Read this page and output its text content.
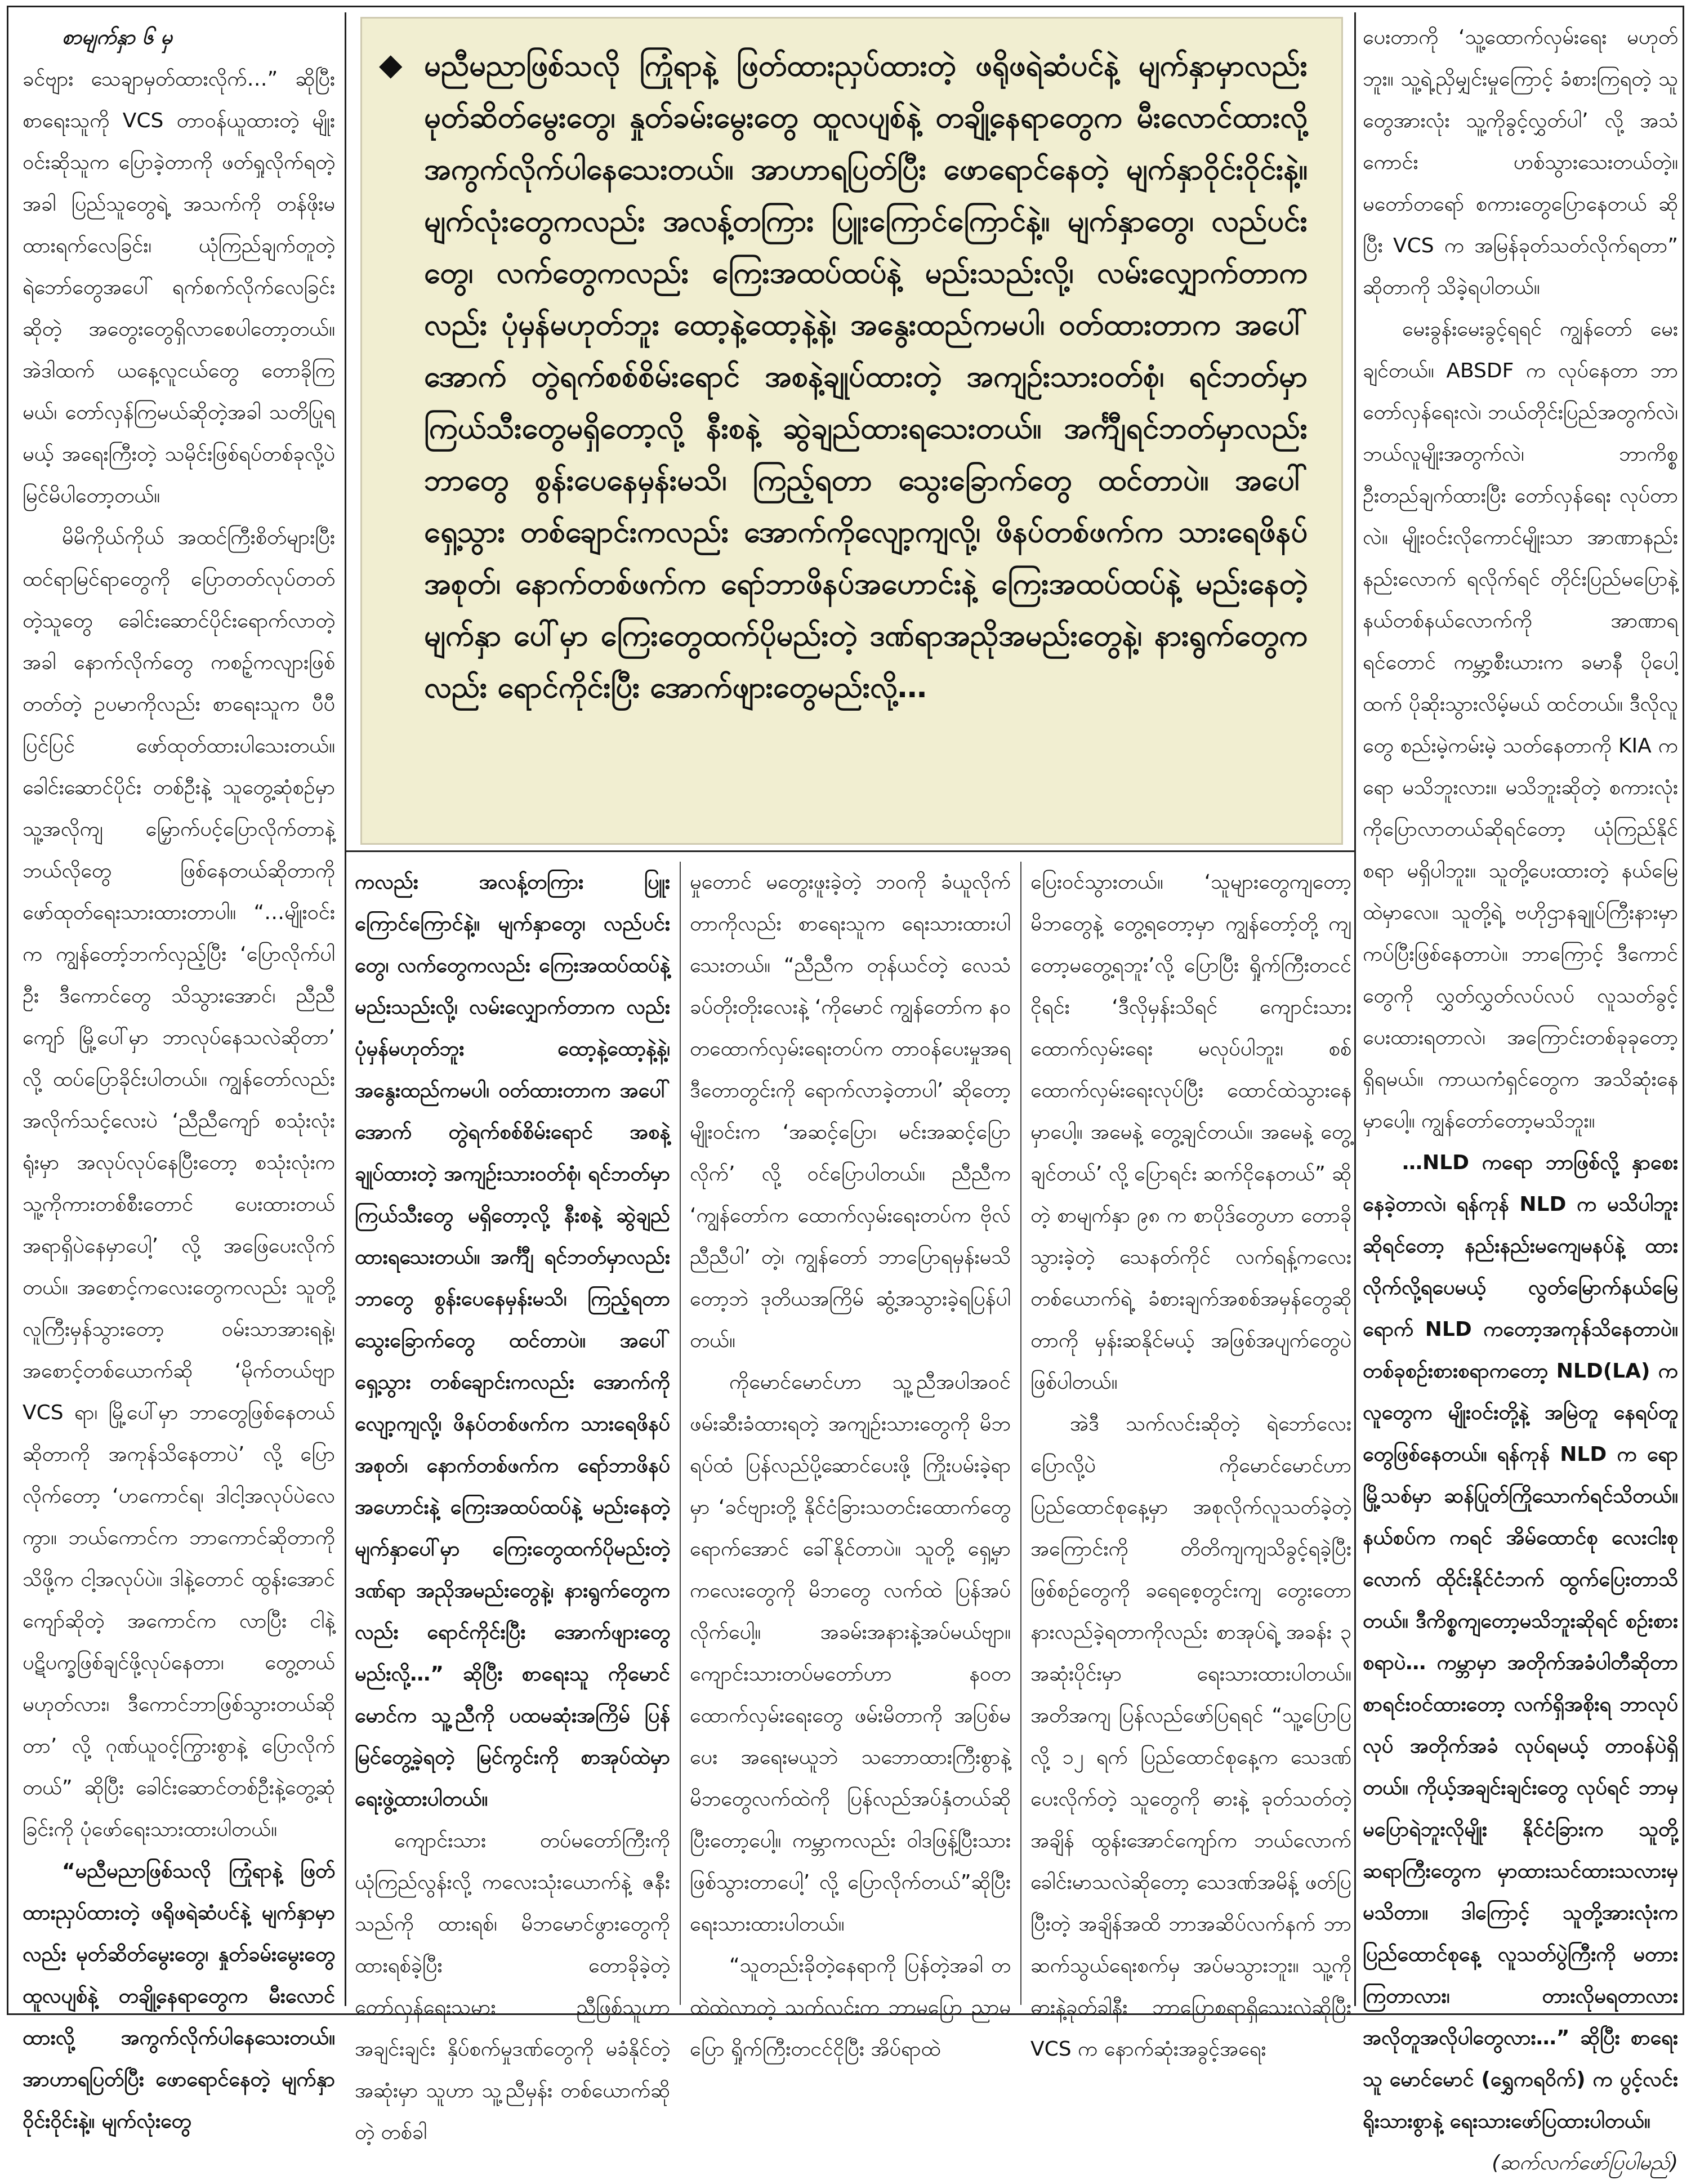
စာမျက်နှာ ၆ မှ

ခင်ဗျား သေချာမှတ်ထားလိုက်…” ဆိုပြီး စာရေးသူကို VCS တာဝန်ယူထားတဲ့ မျိုးဝင်းဆိုသူက ပြောခဲ့တာကို ဖတ်ရှုလိုက်ရတဲ့အခါ ပြည်သူတွေရဲ့ အသက်ကို တန်ဖိုးမထားရက်လေခြင်း၊ ယုံကြည်ချက်တူတဲ့ ရဲဘော်တွေအပေါ် ရက်စက်လိုက်လေခြင်းဆိုတဲ့ အတွေးတွေရှိလာစေပါတော့တယ်။ အဲဒါထက် ယနေ့လူငယ်တွေ တောခိုကြမယ်၊ တော်လှန်ကြမယ်ဆိုတဲ့အခါ သတိပြုရမယ့် အရေးကြီးတဲ့ သမိုင်းဖြစ်ရပ်တစ်ခုလို့ပဲ မြင်မိပါတော့တယ်။

မိမိကိုယ်ကိုယ် အထင်ကြီးစိတ်များပြီး ထင်ရာမြင်ရာတွေကို ပြောတတ်လုပ်တတ်တဲ့သူတွေ ခေါင်းဆောင်ပိုင်းရောက်လာတဲ့အခါ နောက်လိုက်တွေ ကစဉ့်ကလျားဖြစ်တတ်တဲ့ ဥပမာကိုလည်း စာရေးသူက ပီပီပြင်ပြင် ဖော်ထုတ်ထားပါသေးတယ်။ ခေါင်းဆောင်ပိုင်း တစ်ဦးနဲ့ သူတွေ့ဆုံစဉ်မှာ သူ့အလိုကျ မြှောက်ပင့်ပြောလိုက်တာနဲ့ ဘယ်လိုတွေ ဖြစ်နေတယ်ဆိုတာကို ဖော်ထုတ်ရေးသားထားတာပါ။ “…မျိုးဝင်းက ကျွန်တော့်ဘက်လှည့်ပြီး ‘ပြောလိုက်ပါဦး ဒီကောင်တွေ သိသွားအောင်၊ ညီညီကျော် မြို့ပေါ်မှာ ဘာလုပ်နေသလဲဆိုတာ’ လို့ ထပ်ပြောခိုင်းပါတယ်။ ကျွန်တော်လည်း အလိုက်သင့်လေးပဲ ‘ညီညီကျော် စသုံးလုံးရုံးမှာ အလုပ်လုပ်နေပြီးတော့ စသုံးလုံးက သူ့ကိုကားတစ်စီးတောင် ပေးထားတယ် အရာရှိပဲနေမှာပေါ့’ လို့ အဖြေပေးလိုက်တယ်။ အစောင့်ကလေးတွေကလည်း သူတို့ လူကြီးမှန်သွားတော့ ဝမ်းသာအားရနဲ့၊ အစောင့်တစ်ယောက်ဆို ‘မိုက်တယ်ဗျာ VCS ရာ၊ မြို့ပေါ်မှာ ဘာတွေဖြစ်နေတယ်ဆိုတာကို အကုန်သိနေတာပဲ’ လို့ ပြောလိုက်တော့ ‘ဟကောင်ရ၊ ဒါငါ့အလုပ်ပဲလေကွာ။ ဘယ်ကောင်က ဘာကောင်ဆိုတာကို သိဖို့က ငါ့အလုပ်ပဲ။ ဒါနဲ့တောင် ထွန်းအောင်ကျော်ဆိုတဲ့ အကောင်က လာပြီး ငါနဲ့ ပဋိပက္ခဖြစ်ချင်ဖို့လုပ်နေတာ၊ တွေ့တယ်မဟုတ်လား၊ ဒီကောင်ဘာဖြစ်သွားတယ်ဆိုတာ’ လို့ ဂုဏ်ယူဝင့်ကြွားစွာနဲ့ ပြောလိုက်တယ်” ဆိုပြီး ခေါင်းဆောင်တစ်ဦးနဲ့တွေ့ဆုံခြင်းကို ပုံဖော်ရေးသားထားပါတယ်။

“မညီမညာဖြစ်သလို ကြုံရာနဲ့ ဖြတ်ထားညှပ်ထားတဲ့ ဖရိုဖရဲဆံပင်နဲ့ မျက်နှာမှာလည်း မုတ်ဆိတ်မွေးတွေ၊ နှုတ်ခမ်းမွေးတွေ ထူလပျစ်နဲ့ တချို့နေရာတွေက မီးလောင်ထားလို့ အကွက်လိုက်ပါနေသေးတယ်။ အာဟာရပြတ်ပြီး ဖောရောင်နေတဲ့ မျက်နှာဝိုင်းဝိုင်းနဲ့။ မျက်လုံးတွေ

◆ မညီမညာဖြစ်သလို ကြုံရာနဲ့ ဖြတ်ထားညှပ်ထားတဲ့ ဖရိုဖရဲဆံပင်နဲ့ မျက်နှာမှာလည်း မုတ်ဆိတ်မွေးတွေ၊ နှုတ်ခမ်းမွေးတွေ ထူလပျစ်နဲ့ တချို့နေရာတွေက မီးလောင်ထားလို့ အကွက်လိုက်ပါနေသေးတယ်။ အာဟာရပြတ်ပြီး ဖောရောင်နေတဲ့ မျက်နှာဝိုင်းဝိုင်းနဲ့။ မျက်လုံးတွေကလည်း အလန့်တကြား ပြူးကြောင်ကြောင်နဲ့။ မျက်နှာတွေ၊ လည်ပင်းတွေ၊ လက်တွေကလည်း ကြေးအထပ်ထပ်နဲ့ မည်းသည်းလို့၊ လမ်းလျှောက်တာက လည်း ပုံမှန်မဟုတ်ဘူး ထော့နဲ့ထော့နဲ့နဲ့၊ အနွေးထည်ကမပါ၊ ဝတ်ထားတာက အပေါ်အောက် တွဲရက်စစ်စိမ်းရောင် အစနဲ့ချုပ်ထားတဲ့ အကျဉ်းသားဝတ်စုံ၊ ရင်ဘတ်မှာ ကြယ်သီးတွေမရှိတော့လို့ နီးစနဲ့ ဆွဲချည်ထားရသေးတယ်။ အင်္ကျီရင်ဘတ်မှာလည်း ဘာတွေ စွန်းပေနေမှန်းမသိ၊ ကြည့်ရတာ သွေးခြောက်တွေ ထင်တာပဲ။ အပေါ်ရှေ့သွား တစ်ချောင်းကလည်း အောက်ကိုလျော့ကျလို့၊ ဖိနပ်တစ်ဖက်က သားရေဖိနပ်အစုတ်၊ နောက်တစ်ဖက်က ရော်ဘာဖိနပ်အဟောင်းနဲ့ ကြေးအထပ်ထပ်နဲ့ မည်းနေတဲ့မျက်နှာ ပေါ်မှာ ကြေးတွေထက်ပိုမည်းတဲ့ ဒဏ်ရာအညိုအမည်းတွေနဲ့၊ နားရွက်တွေကလည်း ရောင်ကိုင်းပြီး အောက်ဖျားတွေမည်းလို့…

ကလည်း အလန့်တကြား ပြူးကြောင်ကြောင်နဲ့။ မျက်နှာတွေ၊ လည်ပင်းတွေ၊ လက်တွေကလည်း ကြေးအထပ်ထပ်နဲ့ မည်းသည်းလို့၊ လမ်းလျှောက်တာက လည်း ပုံမှန်မဟုတ်ဘူး ထော့နဲ့ထော့နဲ့နဲ့၊ အနွေးထည်ကမပါ၊ ဝတ်ထားတာက အပေါ်အောက် တွဲရက်စစ်စိမ်းရောင် အစနဲ့ချုပ်ထားတဲ့ အကျဉ်းသားဝတ်စုံ၊ ရင်ဘတ်မှာ ကြယ်သီးတွေ မရှိတော့လို့ နီးစနဲ့ ဆွဲချည်ထားရသေးတယ်။ အင်္ကျီ ရင်ဘတ်မှာလည်း ဘာတွေ စွန်းပေနေမှန်းမသိ၊ ကြည့်ရတာ သွေးခြောက်တွေ ထင်တာပဲ။ အပေါ်ရှေ့သွား တစ်ချောင်းကလည်း အောက်ကိုလျော့ကျလို့၊ ဖိနပ်တစ်ဖက်က သားရေဖိနပ်အစုတ်၊ နောက်တစ်ဖက်က ရော်ဘာဖိနပ်အဟောင်းနဲ့ ကြေးအထပ်ထပ်နဲ့ မည်းနေတဲ့မျက်နှာပေါ်မှာ ကြေးတွေထက်ပိုမည်းတဲ့ ဒဏ်ရာ အညိုအမည်းတွေနဲ့၊ နားရွက်တွေကလည်း ရောင်ကိုင်းပြီး အောက်ဖျားတွေ မည်းလို့…” ဆိုပြီး စာရေးသူ ကိုမောင်မောင်က သူ့ညီကို ပထမဆုံးအကြိမ် ပြန်မြင်တွေ့ခဲ့ရတဲ့ မြင်ကွင်းကို စာအုပ်ထဲမှာ ရေးဖွဲ့ထားပါတယ်။

ကျောင်းသား တပ်မတော်ကြီးကို ယုံကြည်လွန်းလို့ ကလေးသုံးယောက်နဲ့ ဇနီးသည်ကို ထားရစ်၊ မိဘမောင်ဖွားတွေကို ထားရစ်ခဲ့ပြီး တောခိုခဲ့တဲ့ တော်လှန်ရေးသမား ညီဖြစ်သူဟာ အချင်းချင်း နှိပ်စက်မှုဒဏ်တွေကို မခံနိုင်တဲ့ အဆုံးမှာ သူဟာ သူ့ညီမှန်း တစ်ယောက်ဆိုတဲ့ တစ်ခါ

မှုတောင် မတွေးဖူးခဲ့တဲ့ ဘဝကို ခံယူလိုက်တာကိုလည်း စာရေးသူက ရေးသားထားပါသေးတယ်။ “ညီညီက တုန်ယင်တဲ့ လေသံခပ်တိုးတိုးလေးနဲ့ ‘ကိုမောင် ကျွန်တော်က နဝတထောက်လှမ်းရေးတပ်က တာဝန်ပေးမှုအရ ဒီတောတွင်းကို ရောက်လာခဲ့တာပါ’ ဆိုတော့ မျိုးဝင်းက ‘အဆင့်ပြော၊ မင်းအဆင့်ပြောလိုက်’ လို့ ဝင်ပြောပါတယ်။ ညီညီက ‘ကျွန်တော်က ထောက်လှမ်းရေးတပ်က ဗိုလ်ညီညီပါ’ တဲ့၊ ကျွန်တော် ဘာပြောရမှန်းမသိတော့ဘဲ ဒုတိယအကြိမ် ဆွံ့အသွားခဲ့ရပြန်ပါတယ်။

ကိုမောင်မောင်ဟာ သူ့ညီအပါအဝင် ဖမ်းဆီးခံထားရတဲ့ အကျဉ်းသားတွေကို မိဘရပ်ထံ ပြန်လည်ပို့ဆောင်ပေးဖို့ ကြိုးပမ်းခဲ့ရာမှာ ‘ခင်ဗျားတို့ နိုင်ငံခြားသတင်းထောက်တွေရောက်အောင် ခေါ်နိုင်တာပဲ။ သူတို့ ရှေ့မှာ ကလေးတွေကို မိဘတွေ လက်ထဲ ပြန်အပ်လိုက်ပေါ့။ အခမ်းအနားနဲ့အပ်မယ်ဗျာ။ ကျောင်းသားတပ်မတော်ဟာ နဝတထောက်လှမ်းရေးတွေ ဖမ်းမိတာကို အပြစ်မပေး အရေးမယူဘဲ သဘောထားကြီးစွာနဲ့ မိဘတွေလက်ထဲကို ပြန်လည်အပ်နှံတယ်ဆိုပြီးတော့ပေါ့။ ကမ္ဘာကလည်း ဝါဒဖြန့်ပြီးသား ဖြစ်သွားတာပေါ့’ လို့ ပြောလိုက်တယ်”ဆိုပြီး ရေးသားထားပါတယ်။

“သူတည်းခိုတဲ့နေရာကို ပြန်တဲ့အခါ တထဲထဲလာတဲ့ သက်လင်းက ဘာမပြော ညာမပြော ရှိုက်ကြီးတငင်ငိုပြီး အိပ်ရာထဲ

ပြေးဝင်သွားတယ်။ ‘သူများတွေကျတော့ မိဘတွေနဲ့ တွေ့ရတော့မှာ ကျွန်တော့်တို့ ကျတော့မတွေ့ရဘူး’လို့ ပြောပြီး ရှိုက်ကြီးတငင် ငိုရင်း ‘ဒီလိုမှန်းသိရင် ကျောင်းသားထောက်လှမ်းရေး မလုပ်ပါဘူး၊ စစ်ထောက်လှမ်းရေးလုပ်ပြီး ထောင်ထဲသွားနေမှာပေါ့။ အမေနဲ့ တွေ့ချင်တယ်။ အမေနဲ့ တွေ့ချင်တယ်’ လို့ ပြောရင်း ဆက်ငိုနေတယ်” ဆိုတဲ့ စာမျက်နှာ ၉၈ က စာပိုဒ်တွေဟာ တောခိုသွားခဲ့တဲ့ သေနတ်ကိုင် လက်ရန့်ကလေး တစ်ယောက်ရဲ့ ခံစားချက်အစစ်အမှန်တွေဆိုတာကို မှန်းဆနိုင်မယ့် အဖြစ်အပျက်တွေပဲဖြစ်ပါတယ်။

အဲဒီ သက်လင်းဆိုတဲ့ ရဲဘော်လေး ပြောလို့ပဲ ကိုမောင်မောင်ဟာပြည်ထောင်စုနေ့မှာ အစုလိုက်လူသတ်ခဲ့တဲ့အကြောင်းကို တိတိကျကျသိခွင့်ရခဲ့ပြီး ဖြစ်စဉ်တွေကို ခရေစေ့တွင်းကျ တွေးတောနားလည်ခဲ့ရတာကိုလည်း စာအုပ်ရဲ့ အခန်း ၃ အဆုံးပိုင်းမှာ ရေးသားထားပါတယ်။ အတိအကျ ပြန်လည်ဖော်ပြရရင် “သူ့ပြောပြလို့ ၁၂ ရက် ပြည်ထောင်စုနေ့က သေဒဏ်ပေးလိုက်တဲ့ သူတွေကို ဓားနဲ့ ခုတ်သတ်တဲ့အချိန် ထွန်းအောင်ကျော်က ဘယ်လောက်ခေါင်းမာသလဲဆိုတော့ သေဒဏ်အမိန့် ဖတ်ပြပြီးတဲ့ အချိန်အထိ ဘာအဆိပ်လက်နက် ဘာဆက်သွယ်ရေးစက်မှ အပ်မသွားဘူး။ သူ့ကိုဓားနဲ့ခုတ်ခါနီး ဘာပြောစရာရှိသေးလဲဆိုပြီး VCS က နောက်ဆုံးအခွင့်အရေး

ပေးတာကို ‘သူ့ထောက်လှမ်းရေး မဟုတ်ဘူး။ သူ့ရဲ့ညှိမျှင်းမှုကြောင့် ခံစားကြရတဲ့ သူတွေအားလုံး သူ့ကိုခွင့်လွှတ်ပါ’ လို့ အသံကောင်း ဟစ်သွားသေးတယ်တဲ့။ မတော်တရော် စကားတွေပြောနေတယ် ဆိုပြီး VCS က အမြန်ခုတ်သတ်လိုက်ရတာ” ဆိုတာကို သိခဲ့ရပါတယ်။

မေးခွန်းမေးခွင့်ရရင် ကျွန်တော် မေးချင်တယ်။ ABSDF က လုပ်နေတာ ဘာတော်လှန်ရေးလဲ၊ ဘယ်တိုင်းပြည်အတွက်လဲ၊ ဘယ်လူမျိုးအတွက်လဲ၊ ဘာကိစ္စဦးတည်ချက်ထားပြီး တော်လှန်ရေး လုပ်တာလဲ။ မျိုးဝင်းလိုကောင်မျိုးသာ အာဏာနည်းနည်းလောက် ရလိုက်ရင် တိုင်းပြည်မပြောနဲ့ နယ်တစ်နယ်လောက်ကို အာဏာရရင်တောင် ကမ္ဘာ့စီးယားက ခမာနီ ပိုပေါ့ထက် ပိုဆိုးသွားလိမ့်မယ် ထင်တယ်။ ဒီလိုလူတွေ စည်းမဲ့ကမ်းမဲ့ သတ်နေတာကို KIA ကရော မသိဘူးလား။ မသိဘူးဆိုတဲ့ စကားလုံးကိုပြောလာတယ်ဆိုရင်တော့ ယုံကြည်နိုင်စရာ မရှိပါဘူး။ သူတို့ပေးထားတဲ့ နယ်မြေထဲမှာလေ။ သူတို့ရဲ့ ဗဟိုဌာနချုပ်ကြီးနားမှာ ကပ်ပြီးဖြစ်နေတာပဲ။ ဘာကြောင့် ဒီကောင်တွေကို လွှတ်လွှတ်လပ်လပ် လူသတ်ခွင့် ပေးထားရတာလဲ၊ အကြောင်းတစ်ခုခုတော့ ရှိရမယ်။ ကာယကံရှင်တွေက အသိဆုံးနေမှာပေါ့။ ကျွန်တော်တော့မသိဘူး။

…NLD ကရော ဘာဖြစ်လို့ နှာစေးနေခဲ့တာလဲ၊ ရန်ကုန် NLD က မသိပါဘူးဆိုရင်တော့ နည်းနည်းမကျေမနပ်နဲ့ ထားလိုက်လို့ရပေမယ့် လွတ်မြောက်နယ်မြေရောက် NLD ကတော့အကုန်သိနေတာပဲ။ တစ်ခုစဉ်းစားစရာကတော့ NLD(LA) က လူတွေက မျိုးဝင်းတို့နဲ့ အမြဲတူ နေရပ်တူတွေဖြစ်နေတယ်။ ရန်ကုန် NLD က ရော မြို့သစ်မှာ ဆန်ပြုတ်ကြိုသောက်ရင်သိတယ်။ နယ်စပ်က ကရင် အိမ်ထောင်စု လေးငါးစုလောက် ထိုင်းနိုင်ငံဘက် ထွက်ပြေးတာသိတယ်။ ဒီကိစ္စကျတော့မသိဘူးဆိုရင် စဉ်းစားစရာပဲ… ကမ္ဘာမှာ အတိုက်အခံပါတီဆိုတာ စာရင်းဝင်ထားတော့ လက်ရှိအစိုးရ ဘာလုပ်လုပ် အတိုက်အခံ လုပ်ရမယ့် တာဝန်ပဲရှိတယ်။ ကိုယ့်အချင်းချင်းတွေ လုပ်ရင် ဘာမှမပြောရဲဘူးလိုမျိုး နိုင်ငံခြားက သူတို့ ဆရာကြီးတွေက မှာထားသင်ထားသလားမှ မသိတာ။ ဒါကြောင့် သူတို့အားလုံးက ပြည်ထောင်စုနေ့ လူသတ်ပွဲကြီးကို မတားကြတာလား၊ တားလိုမရတာလားအလိုတူအလိုပါတွေလား…” ဆိုပြီး စာရေးသူ မောင်မောင် (ရွှေကရဝိက်) က ပွင့်လင်းရိုးသားစွာနဲ့ ရေးသားဖော်ပြထားပါတယ်။

(ဆက်လက်ဖော်ပြပါမည်)
